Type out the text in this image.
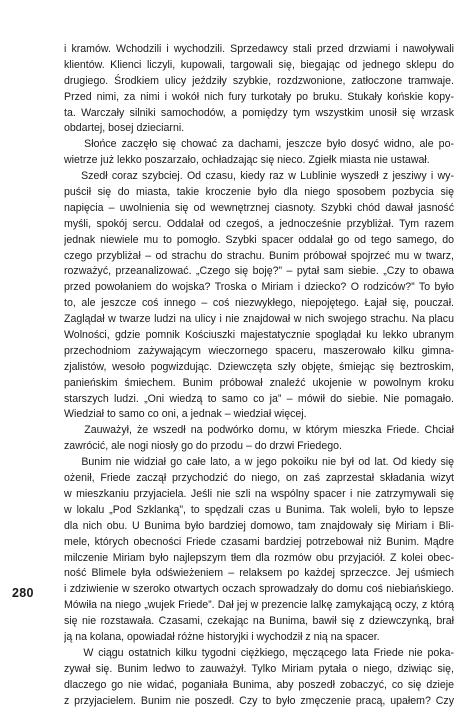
i kramów. Wchodzili i wychodzili. Sprzedawcy stali przed drzwiami i nawoływali
klientów. Klienci liczyli, kupowali, targowali się, biegając od jednego sklepu do
drugiego. Środkiem ulicy jeździły szybkie, rozdzwonione, zatłoczone tramwaje.
Przed nimi, za nimi i wokół nich fury turkotały po bruku. Stukały końskie kopy-
ta. Warczały silniki samochodów, a pomiędzy tym wszystkim unosił się wrzask
obdartej, bosej dzieciarni.
Słońce zaczęło się chować za dachami, jeszcze było dosyć widno, ale po-
wietrze już lekko poszarzało, ochładzając się nieco. Zgiełk miasta nie ustawał.
Szedł coraz szybciej. Od czasu, kiedy raz w Lublinie wyszedł z jesziwy i wy-
puścił się do miasta, takie kroczenie było dla niego sposobem pozbycia się
napięcia – uwolnienia się od wewnętrznej ciasnoty. Szybki chód dawał jasność
myśli, spokój sercu. Oddalał od czegoś, a jednocześnie przybliżał. Tym razem
jednak niewiele mu to pomogło. Szybki spacer oddalał go od tego samego, do
czego przybliżał – od strachu do strachu. Bunim próbował spojrzeć mu w twarz,
rozważyć, przeanalizować. „Czego się boję?” – pytał sam siebie. „Czy to obawa
przed powołaniem do wojska? Troska o Miriam i dziecko? O rodziców?” To było
to, ale jeszcze coś innego – coś niezwykłego, niepojętego. Łajał się, pouczał.
Zaglądał w twarze ludzi na ulicy i nie znajdował w nich swojego strachu. Na placu
Wolności, gdzie pomnik Kościuszki majestatycznie spoglądał ku lekko ubranym
przechodniom zażywającym wieczornego spaceru, maszerowało kilku gimna-
zjalistów, wesoło pogwizdując. Dziewczęta szły objęte, śmiejąc się beztroskim,
panieńskim śmiechem. Bunim próbował znaleźć ukojenie w powolnym kroku
starszych ludzi. „Oni wiedzą to samo co ja” – mówił do siebie. Nie pomagało.
Wiedział to samo co oni, a jednak – wiedział więcej.
Zauważył, że wszedł na podwórko domu, w którym mieszka Friede. Chciał
zawrócić, ale nogi niosły go do przodu – do drzwi Friedego.
Bunim nie widział go całe lato, a w jego pokoiku nie był od lat. Od kiedy się
ożenił, Friede zaczął przychodzić do niego, on zaś zaprzestał składania wizyt
w mieszkaniu przyjaciela. Jeśli nie szli na wspólny spacer i nie zatrzymywali się
w lokalu „Pod Szklanką”, to spędzali czas u Bunima. Tak woleli, było to lepsze
dla nich obu. U Bunima było bardziej domowo, tam znajdowały się Miriam i Bli-
mele, których obecności Friede czasami bardziej potrzebował niż Bunim. Mądre
milczenie Miriam było najlepszym tłem dla rozmów obu przyjaciół. Z kolei obec-
ność Blimele była odświeżeniem – relaksem po każdej sprzeczce. Jej uśmiech
i zdziwienie w szeroko otwartych oczach sprowadzały do domu coś niebiańskiego.
Mówiła na niego „wujek Friede”. Dał jej w prezencie lalkę zamykającą oczy, z którą
się nie rozstawała. Czasami, czekając na Bunima, bawił się z dziewczynką, brał
ją na kolana, opowiadał różne historyjki i wychodził z nią na spacer.
W ciągu ostatnich kilku tygodni ciężkiego, męczącego lata Friede nie poka-
zywał się. Bunim ledwo to zauważył. Tylko Miriam pytała o niego, dziwiąc się,
dlaczego go nie widać, poganiała Bunima, aby poszedł zobaczyć, co się dzieje
z przyjacielem. Bunim nie poszedł. Czy to było zmęczenie pracą, upałem? Czy
280
